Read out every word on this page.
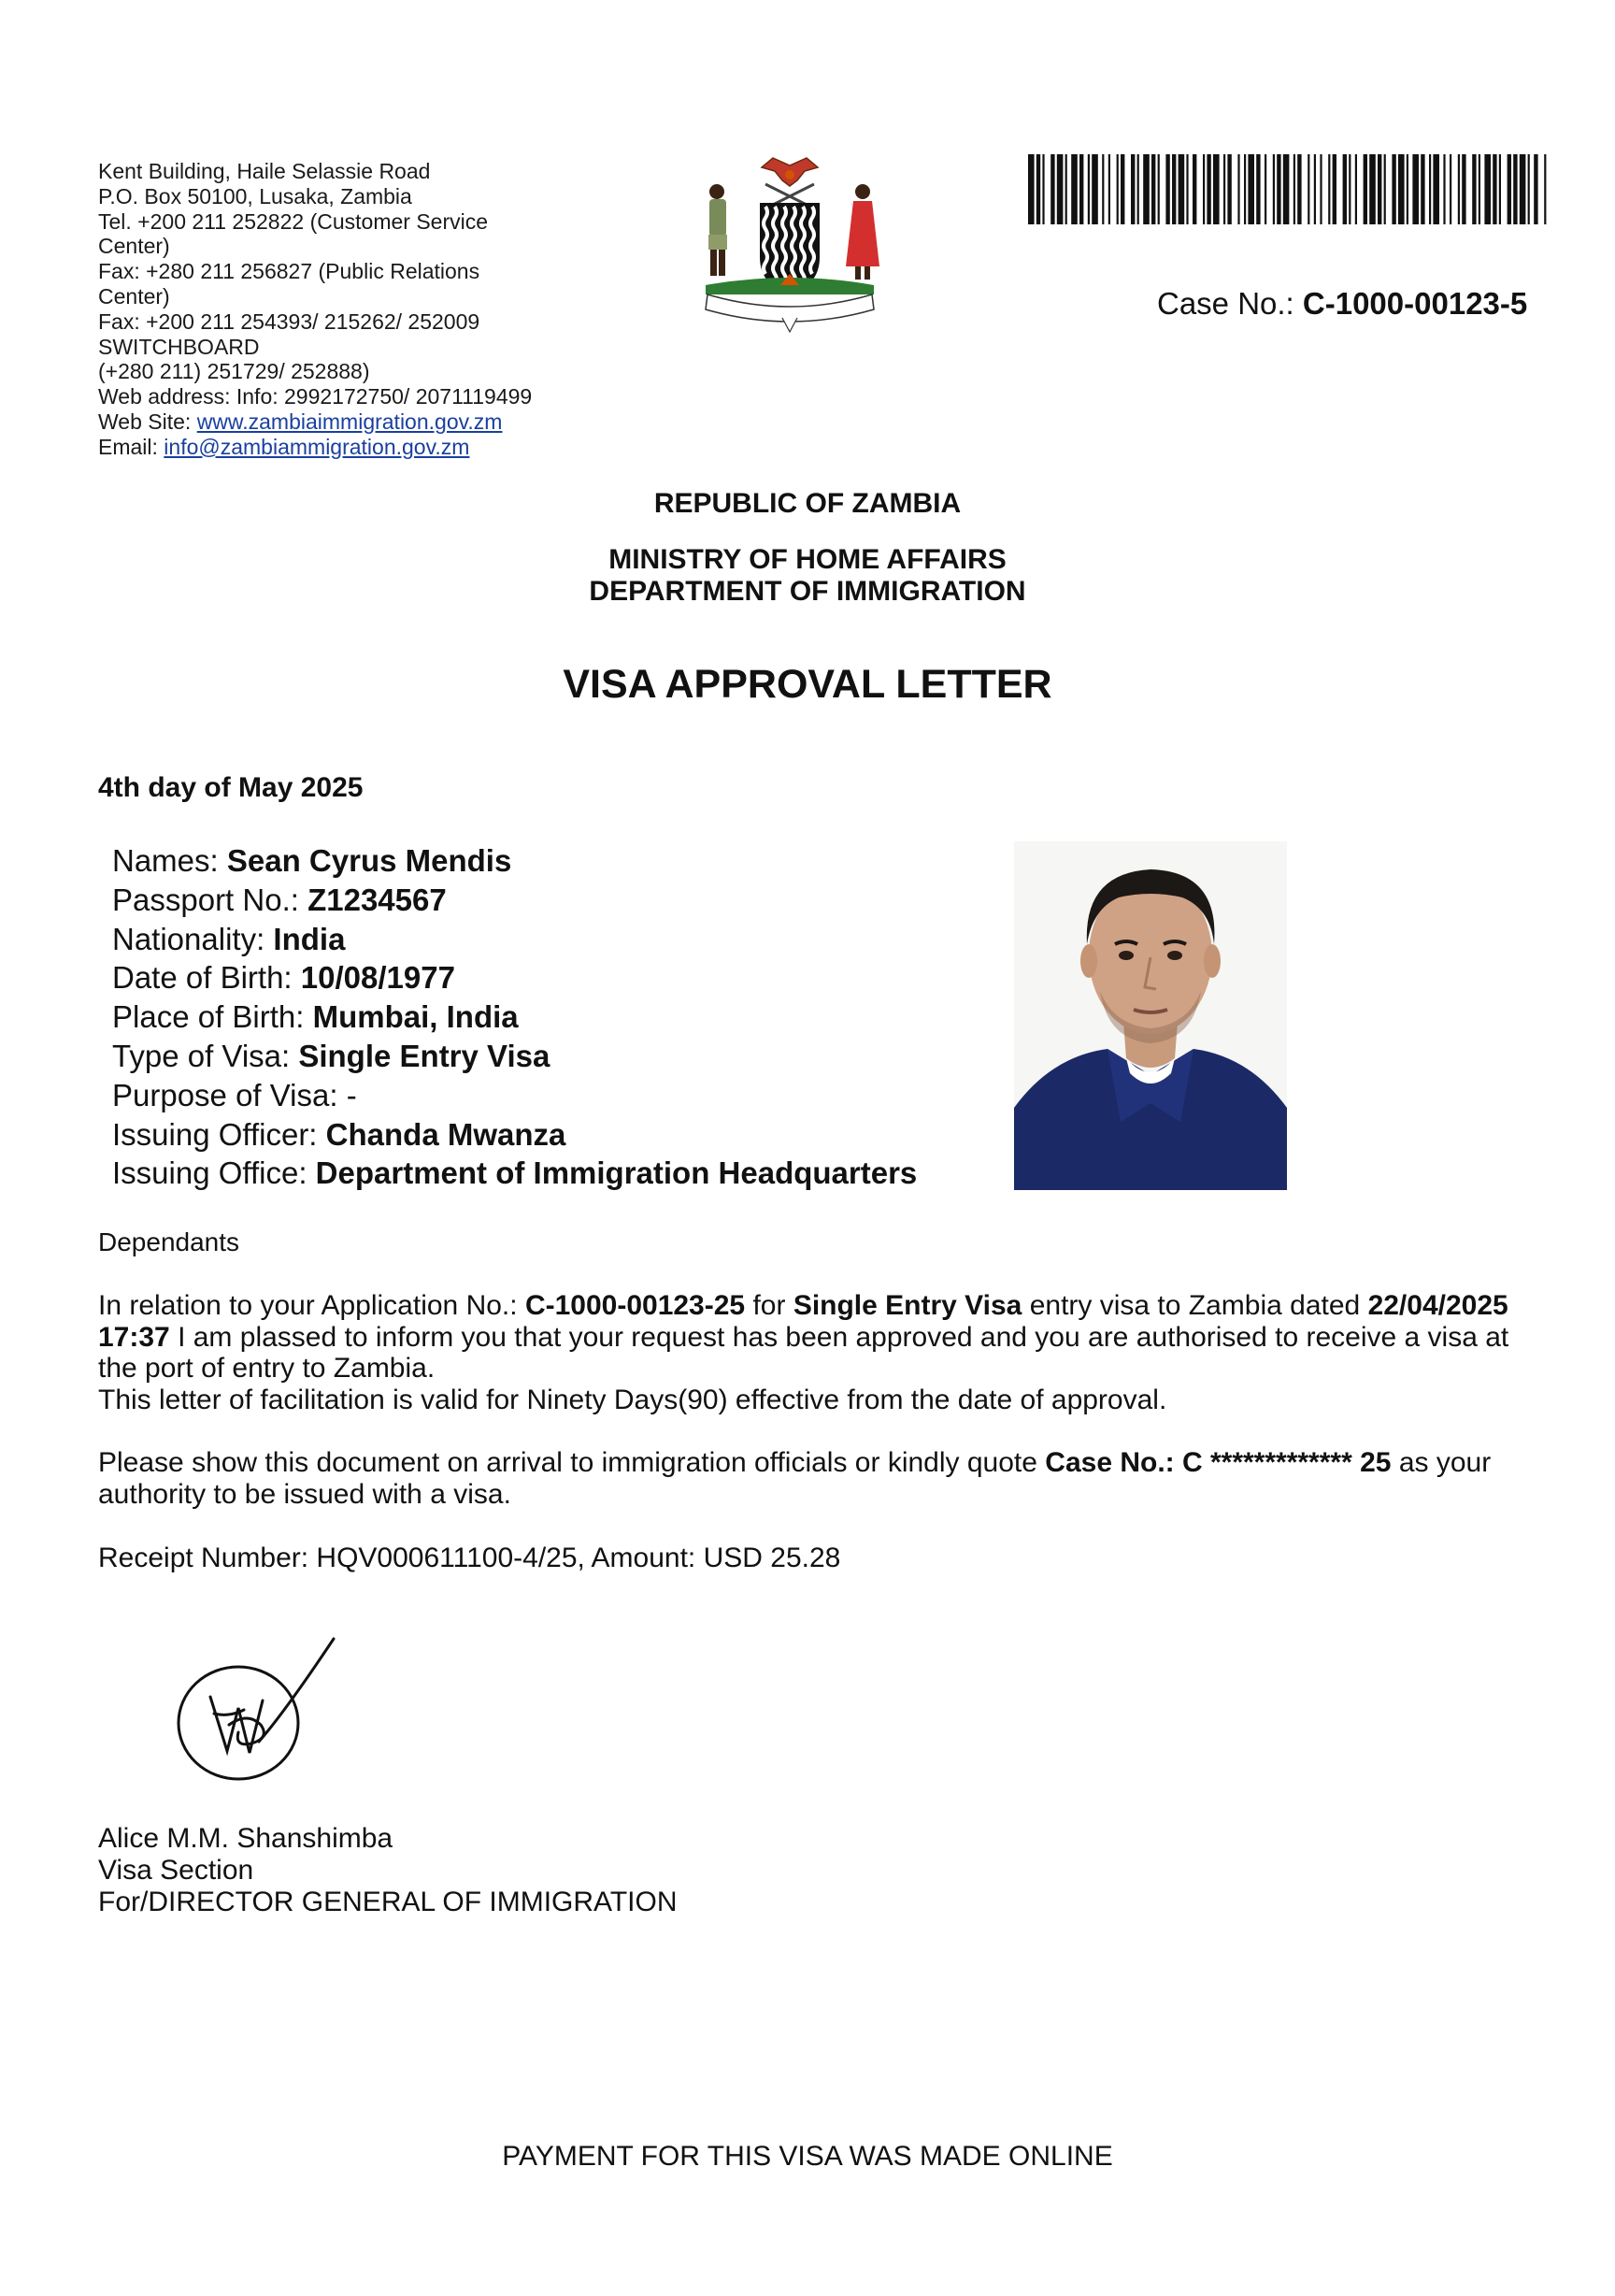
Kent Building, Haile Selassie Road
P.O. Box 50100, Lusaka, Zambia
Tel. +200 211 252822 (Customer Service
Center)
Fax: +280 211 256827 (Public Relations
Center)
Fax: +200 211 254393/ 215262/ 252009
SWITCHBOARD
(+280 211) 251729/ 252888)
Web address: Info: 2992172750/ 2071119499
Web Site: www.zambiaimmigration.gov.zm
Email: info@zambiammigration.gov.zm
Case No.: C-1000-00123-5
REPUBLIC OF ZAMBIA
MINISTRY OF HOME AFFAIRS
DEPARTMENT OF IMMIGRATION
VISA APPROVAL LETTER
4th day of May 2025
Names: Sean Cyrus Mendis
Passport No.: Z1234567
Nationality: India
Date of Birth: 10/08/1977
Place of Birth: Mumbai, India
Type of Visa: Single Entry Visa
Purpose of Visa: -
Issuing Officer: Chanda Mwanza
Issuing Office: Department of Immigration Headquarters
Dependants
In relation to your Application No.: C-1000-00123-25 for Single Entry Visa entry visa to Zambia dated 22/04/2025 17:37 I am plassed to inform you that your request has been approved and you are authorised to receive a visa at the port of entry to Zambia.
This letter of facilitation is valid for Ninety Days(90) effective from the date of approval.
Please show this document on arrival to immigration officials or kindly quote Case No.: C ************* 25 as your authority to be issued with a visa.
Receipt Number: HQV000611100-4/25, Amount: USD 25.28
Alice M.M. Shanshimba
Visa Section
For/DIRECTOR GENERAL OF IMMIGRATION
PAYMENT FOR THIS VISA WAS MADE ONLINE
